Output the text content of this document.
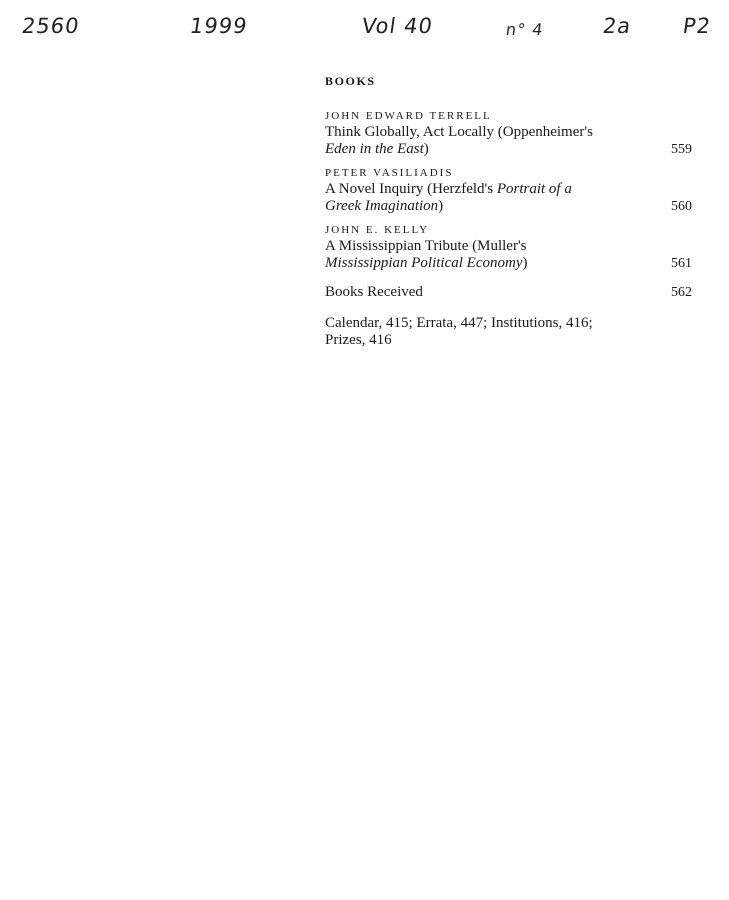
2560	1999	Vol 40	n° 4	2a P2
BOOKS
JOHN EDWARD TERRELL
Think Globally, Act Locally (Oppenheimer's
Eden in the East)	559
PETER VASILIADIS
A Novel Inquiry (Herzfeld's Portrait of a
Greek Imagination)	560
JOHN E. KELLY
A Mississippian Tribute (Muller's
Mississippian Political Economy)	561
Books Received	562
Calendar, 415; Errata, 447; Institutions, 416;
Prizes, 416
